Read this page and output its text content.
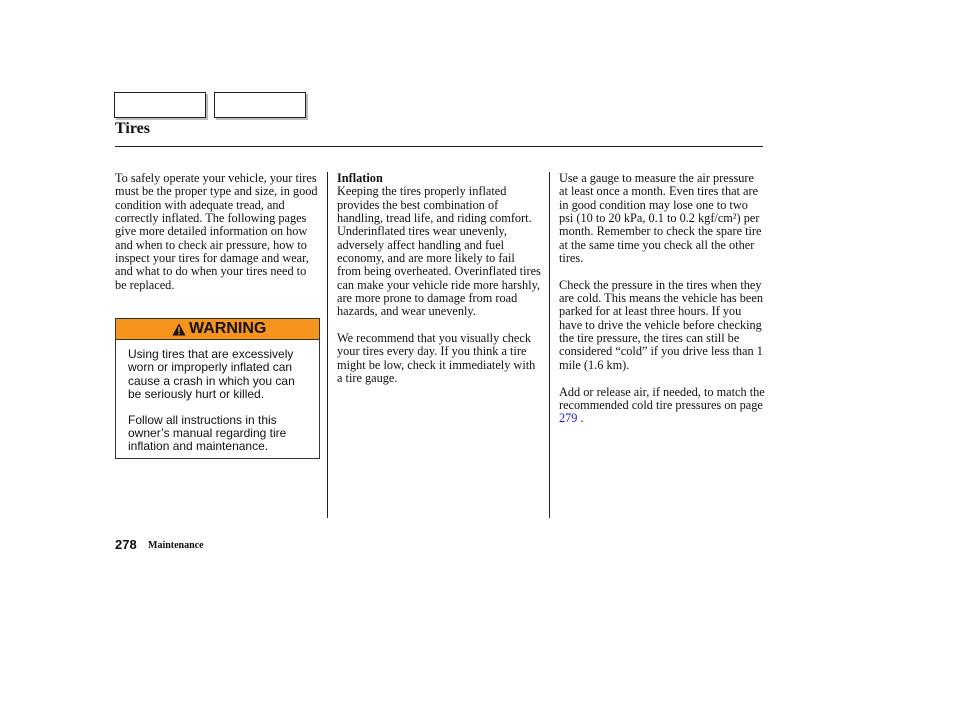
Tires

To safely operate your vehicle, your tires must be the proper type and size, in good condition with adequate tread, and correctly inflated. The following pages give more detailed information on how and when to check air pressure, how to inspect your tires for damage and wear, and what to do when your tires need to be replaced.

WARNING

Using tires that are excessively worn or improperly inflated can cause a crash in which you can be seriously hurt or killed.

Follow all instructions in this owner’s manual regarding tire inflation and maintenance.

Inflation

Keeping the tires properly inflated provides the best combination of handling, tread life, and riding comfort. Underinflated tires wear unevenly, adversely affect handling and fuel economy, and are more likely to fail from being overheated. Overinflated tires can make your vehicle ride more harshly, are more prone to damage from road hazards, and wear unevenly.

We recommend that you visually check your tires every day. If you think a tire might be low, check it immediately with a tire gauge.

Use a gauge to measure the air pressure at least once a month. Even tires that are in good condition may lose one to two psi (10 to 20 kPa, 0.1 to 0.2 kgf/cm²) per month. Remember to check the spare tire at the same time you check all the other tires.

Check the pressure in the tires when they are cold. This means the vehicle has been parked for at least three hours. If you have to drive the vehicle before checking the tire pressure, the tires can still be considered “cold” if you drive less than 1 mile (1.6 km).

Add or release air, if needed, to match the recommended cold tire pressures on page 279 .

278 Maintenance
